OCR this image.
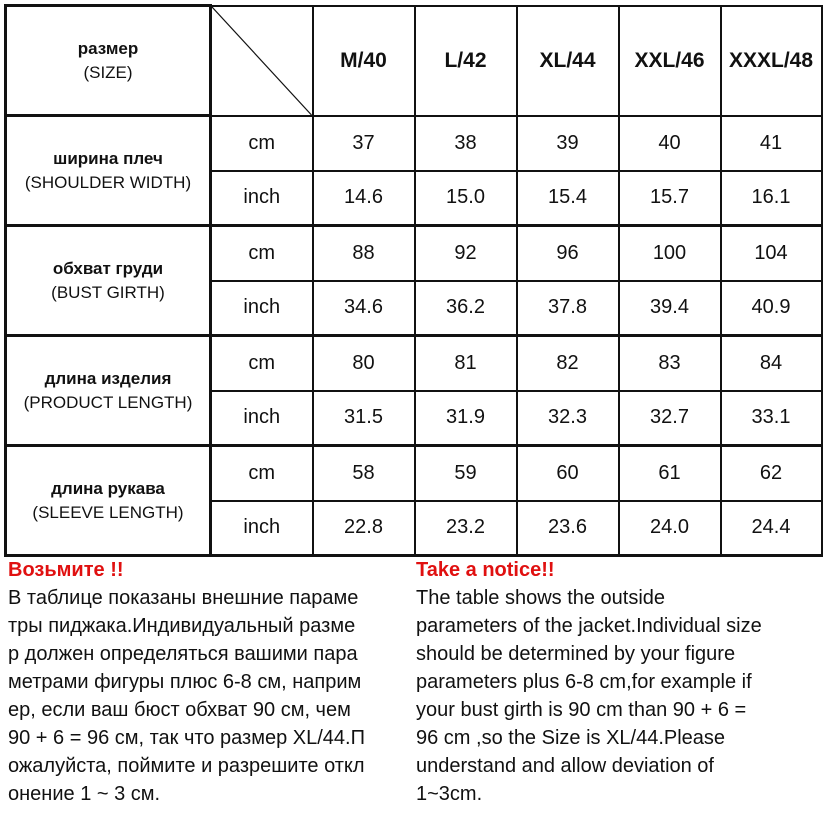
размер
(SIZE)		M/40	L/42	XL/44	XXL/46	XXXL/48

ширина плеч
(SHOULDER WIDTH)	cm	37	38	39	40	41
	inch	14.6	15.0	15.4	15.7	16.1

обхват груди
(BUST GIRTH)	cm	88	92	96	100	104
	inch	34.6	36.2	37.8	39.4	40.9

длина изделия
(PRODUCT LENGTH)	cm	80	81	82	83	84
	inch	31.5	31.9	32.3	32.7	33.1

длина рукава
(SLEEVE LENGTH)	cm	58	59	60	61	62
	inch	22.8	23.2	23.6	24.0	24.4
Возьмите !!
В таблице показаны внешние параме
тры пиджака.Индивидуальный разме
р должен определяться вашими пара
метрами фигуры плюс 6-8 см, наприм
ер, если ваш бюст обхват 90 см, чем
90 + 6 = 96 см, так что размер XL/44.П
ожалуйста, поймите и разрешите откл
онение 1 ~ 3 см.
Take a notice!!
The table shows the outside
parameters of the jacket.Individual size
should be determined by your figure
parameters plus 6-8 cm,for example if
your bust girth is 90 cm than 90 + 6 =
96 cm ,so the Size is XL/44.Please
understand and allow deviation of
1~3cm.
